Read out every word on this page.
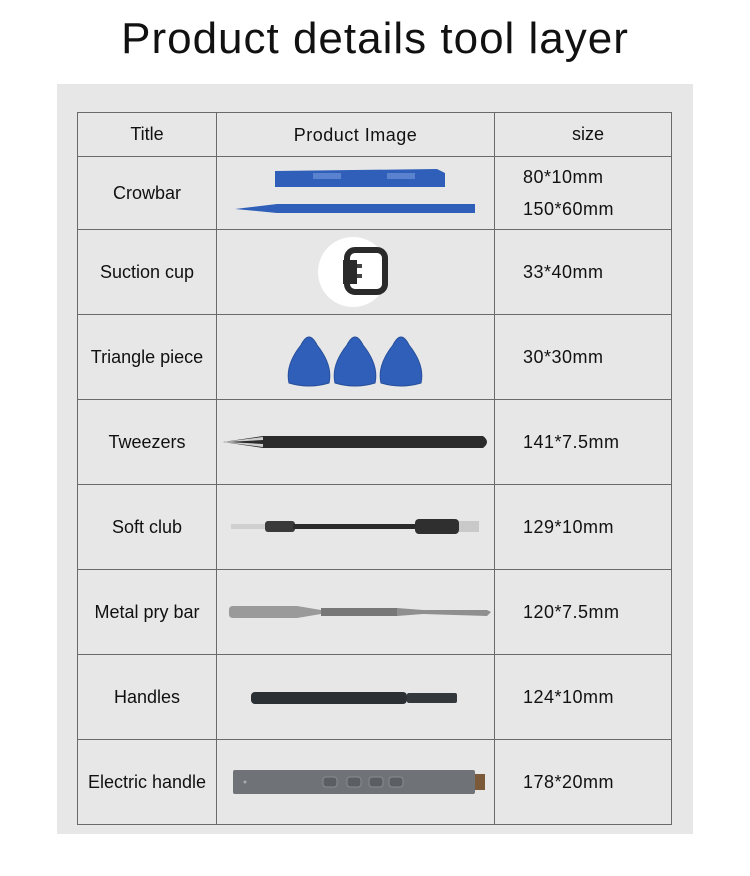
Product details tool layer
Title	Product Image	size
Crowbar		80*10mm
150*60mm

Suction cup		33*40mm

Triangle piece		30*30mm

Tweezers		141*7.5mm

Soft club		129*10mm

Metal pry bar		120*7.5mm

Handles		124*10mm

Electric handle		178*20mm
